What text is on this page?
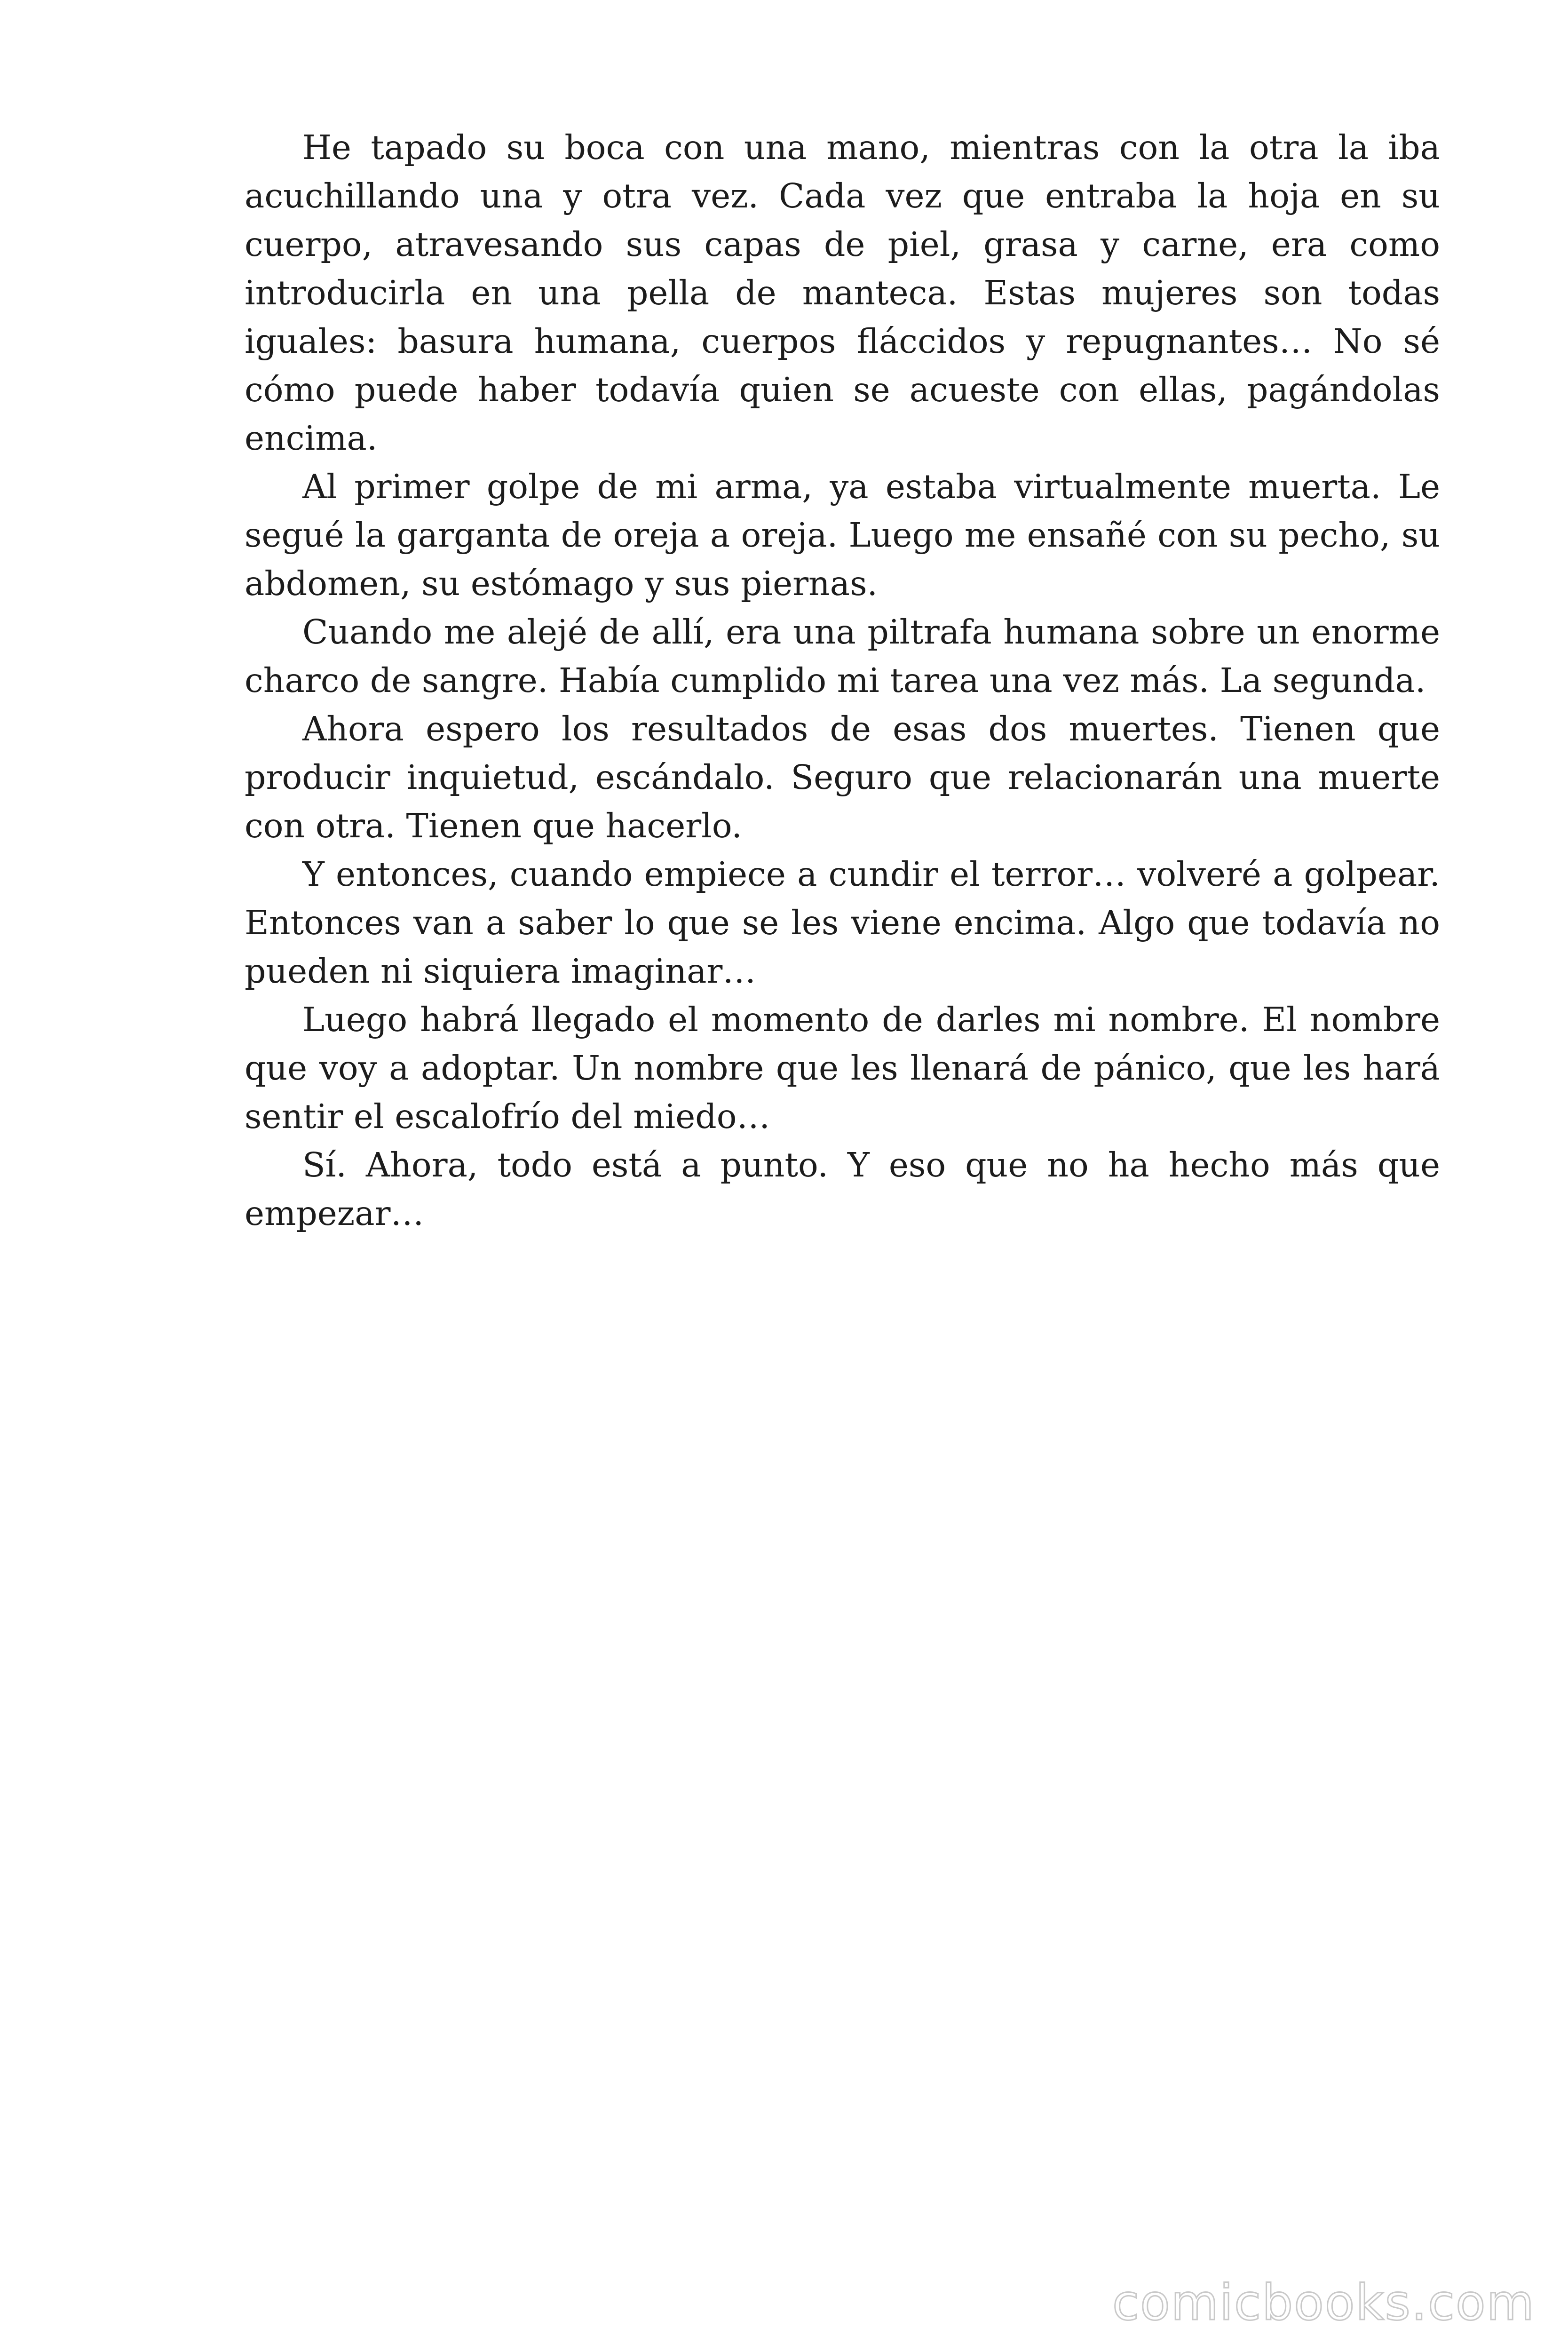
He tapado su boca con una mano, mientras con la otra la iba acuchillando una y otra vez. Cada vez que entraba la hoja en su cuerpo, atravesando sus capas de piel, grasa y carne, era como introducirla en una pella de manteca. Estas mujeres son todas iguales: basura humana, cuerpos fláccidos y repugnantes… No sé cómo puede haber todavía quien se acueste con ellas, pagándolas encima.

Al primer golpe de mi arma, ya estaba virtualmente muerta. Le segué la garganta de oreja a oreja. Luego me ensañé con su pecho, su abdomen, su estómago y sus piernas.

Cuando me alejé de allí, era una piltrafa humana sobre un enorme charco de sangre. Había cumplido mi tarea una vez más. La segunda.

Ahora espero los resultados de esas dos muertes. Tienen que producir inquietud, escándalo. Seguro que relacionarán una muerte con otra. Tienen que hacerlo.

Y entonces, cuando empiece a cundir el terror… volveré a golpear. Entonces van a saber lo que se les viene encima. Algo que todavía no pueden ni siquiera imaginar…

Luego habrá llegado el momento de darles mi nombre. El nombre que voy a adoptar. Un nombre que les llenará de pánico, que les hará sentir el escalofrío del miedo…

Sí. Ahora, todo está a punto. Y eso que no ha hecho más que empezar…

comicbooks.com
